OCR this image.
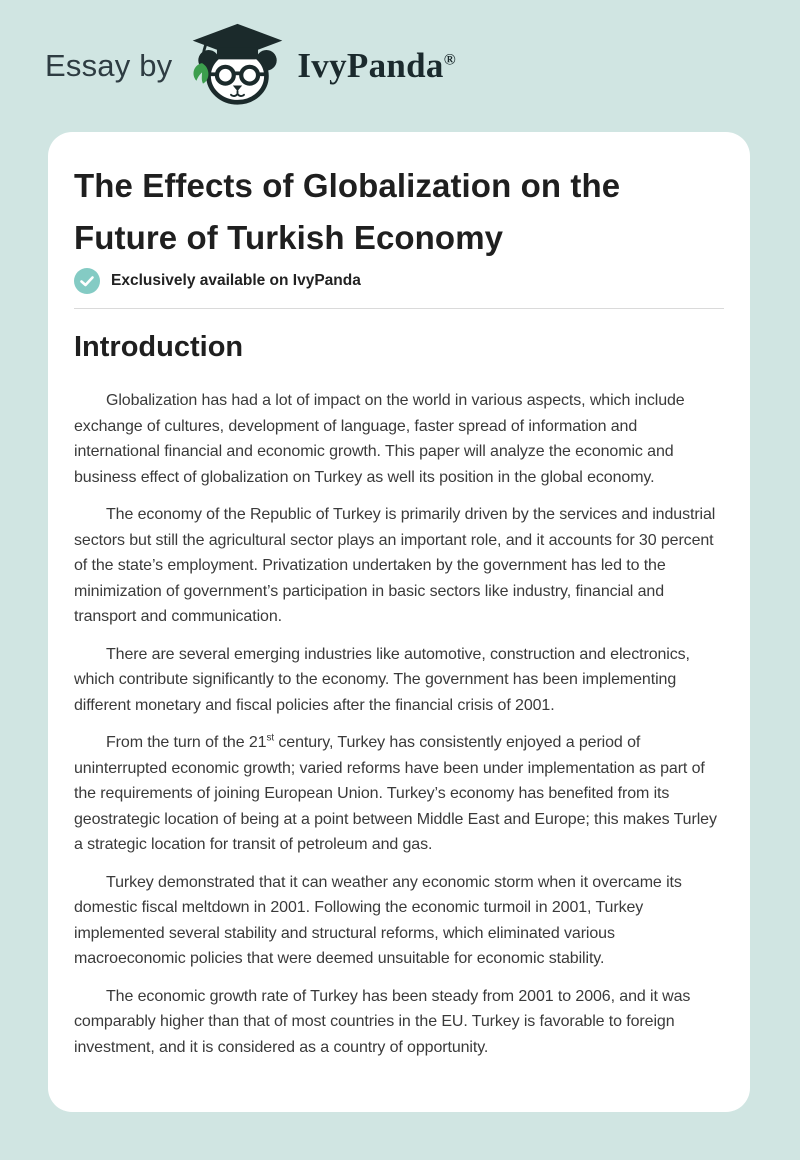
Essay by	IvyPanda®
The Effects of Globalization on the Future of Turkish Economy
Exclusively available on IvyPanda
Introduction

Globalization has had a lot of impact on the world in various aspects, which include exchange of cultures, development of language, faster spread of information and international financial and economic growth. This paper will analyze the economic and business effect of globalization on Turkey as well its position in the global economy.

The economy of the Republic of Turkey is primarily driven by the services and industrial sectors but still the agricultural sector plays an important role, and it accounts for 30 percent of the state’s employment. Privatization undertaken by the government has led to the minimization of government’s participation in basic sectors like industry, financial and transport and communication.

There are several emerging industries like automotive, construction and electronics, which contribute significantly to the economy. The government has been implementing different monetary and fiscal policies after the financial crisis of 2001.

From the turn of the 21st century, Turkey has consistently enjoyed a period of uninterrupted economic growth; varied reforms have been under implementation as part of the requirements of joining European Union. Turkey’s economy has benefited from its geostrategic location of being at a point between Middle East and Europe; this makes Turley a strategic location for transit of petroleum and gas.

Turkey demonstrated that it can weather any economic storm when it overcame its domestic fiscal meltdown in 2001. Following the economic turmoil in 2001, Turkey implemented several stability and structural reforms, which eliminated various macroeconomic policies that were deemed unsuitable for economic stability.

The economic growth rate of Turkey has been steady from 2001 to 2006, and it was comparably higher than that of most countries in the EU. Turkey is favorable to foreign investment, and it is considered as a country of opportunity.
